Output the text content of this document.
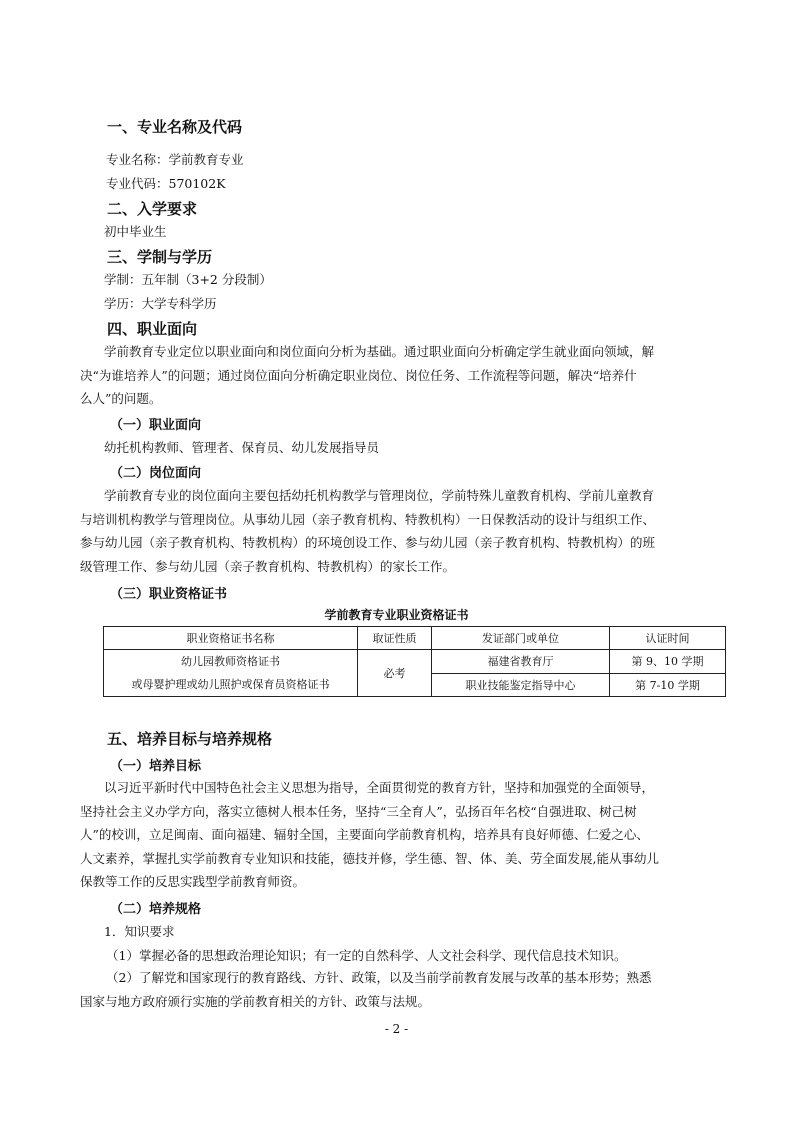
一、专业名称及代码
专业名称：学前教育专业
专业代码：570102K
二、入学要求
初中毕业生
三、学制与学历
学制：五年制（3+2 分段制）
学历：大学专科学历
四、职业面向
学前教育专业定位以职业面向和岗位面向分析为基础。通过职业面向分析确定学生就业面向领域，解
决“为谁培养人”的问题；通过岗位面向分析确定职业岗位、岗位任务、工作流程等问题，解决“培养什
么人”的问题。
（一）职业面向
幼托机构教师、管理者、保育员、幼儿发展指导员
（二）岗位面向
学前教育专业的岗位面向主要包括幼托机构教学与管理岗位，学前特殊儿童教育机构、学前儿童教育
与培训机构教学与管理岗位。从事幼儿园（亲子教育机构、特教机构）一日保教活动的设计与组织工作、
参与幼儿园（亲子教育机构、特教机构）的环境创设工作、参与幼儿园（亲子教育机构、特教机构）的班
级管理工作、参与幼儿园（亲子教育机构、特教机构）的家长工作。
（三）职业资格证书
学前教育专业职业资格证书
职业资格证书名称	取证性质	发证部门或单位	认证时间

幼儿园教师资格证书
或母婴护理或幼儿照护或保育员资格证书	必考	福建省教育厅	第 9、10 学期
		职业技能鉴定指导中心	第 7-10 学期
五、培养目标与培养规格
（一）培养目标
以习近平新时代中国特色社会主义思想为指导，全面贯彻党的教育方针，坚持和加强党的全面领导，
坚持社会主义办学方向，落实立德树人根本任务，坚持“三全育人”，弘扬百年名校“自强进取、树己树
人”的校训，立足闽南、面向福建、辐射全国，主要面向学前教育机构，培养具有良好师德、仁爱之心、
人文素养，掌握扎实学前教育专业知识和技能，德技并修，学生德、智、体、美、劳全面发展,能从事幼儿
保教等工作的反思实践型学前教育师资。
（二）培养规格
1．知识要求
（1）掌握必备的思想政治理论知识；有一定的自然科学、人文社会科学、现代信息技术知识。
（2）了解党和国家现行的教育路线、方针、政策，以及当前学前教育发展与改革的基本形势；熟悉
国家与地方政府颁行实施的学前教育相关的方针、政策与法规。
- 2 -
